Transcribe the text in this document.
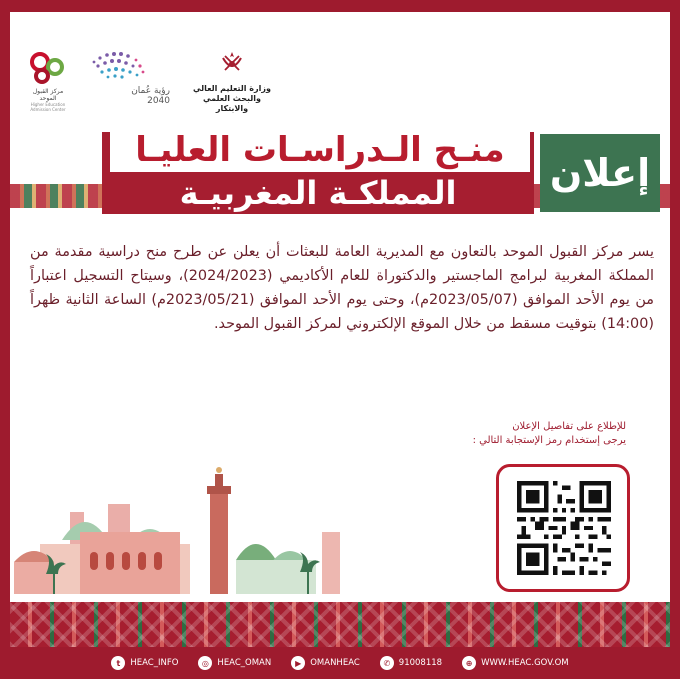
مركز القبول الموحد
Higher Education Admission Center
رؤية عُمان 2040
وزارة التعليم العالي
والبحث العلمي والابتكار
منـح الـدراسـات العليـا
المملكـة المغربيـة	إعلان
يسر مركز القبول الموحد بالتعاون مع المديرية العامة للبعثات أن يعلن عن طرح منح دراسية مقدمة من المملكة المغربية لبرامج الماجستير والدكتوراة للعام الأكاديمي (2024/2023)، وسيتاح التسجيل اعتباراً من يوم الأحد الموافق (2023/05/07م)، وحتى يوم الأحد الموافق (2023/05/21م) الساعة الثانية ظهراً (14:00) بتوقيت مسقط من خلال الموقع الإلكتروني لمركز القبول الموحد.
للإطلاع على تفاصيل الإعلان
يرجى إستخدام رمز الإستجابة التالي :
t	HEAC_INFO	◎	HEAC_OMAN	▶	OMANHEAC	✆	91008118	⊕	WWW.HEAC.GOV.OM
